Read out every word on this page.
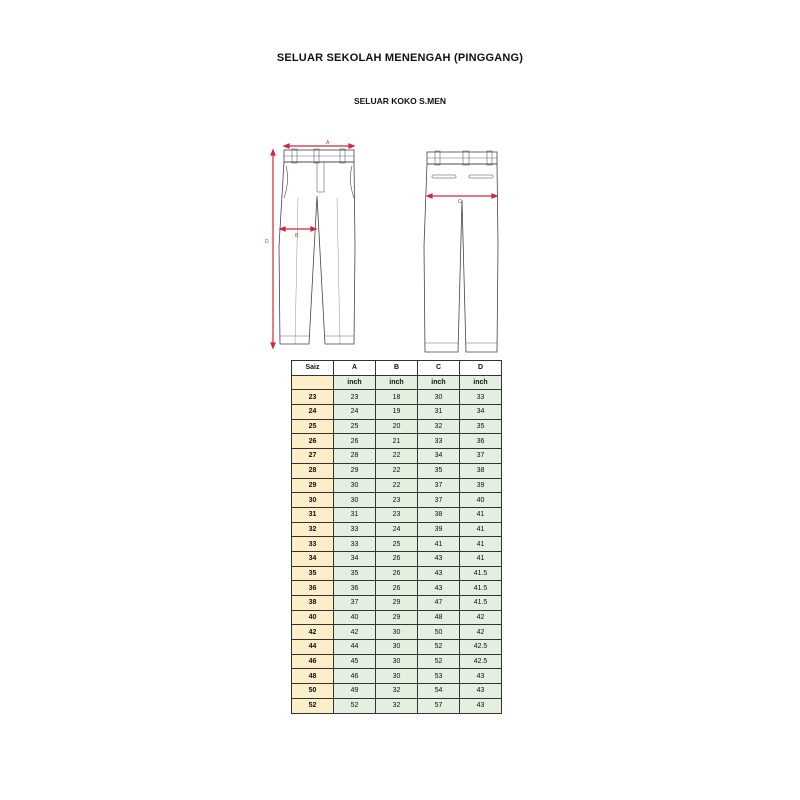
SELUAR SEKOLAH MENENGAH (PINGGANG)
SELUAR KOKO S.MEN
A
B
D
C
Saiz	A	B	C	D
	inch	inch	inch	inch
23	23	18	30	33
24	24	19	31	34
25	25	20	32	35
26	26	21	33	36
27	28	22	34	37
28	29	22	35	38
29	30	22	37	39
30	30	23	37	40
31	31	23	38	41
32	33	24	39	41
33	33	25	41	41
34	34	26	43	41
35	35	26	43	41.5
36	36	26	43	41.5
38	37	29	47	41.5
40	40	29	48	42
42	42	30	50	42
44	44	30	52	42.5
46	45	30	52	42.5
48	46	30	53	43
50	49	32	54	43
52	52	32	57	43
